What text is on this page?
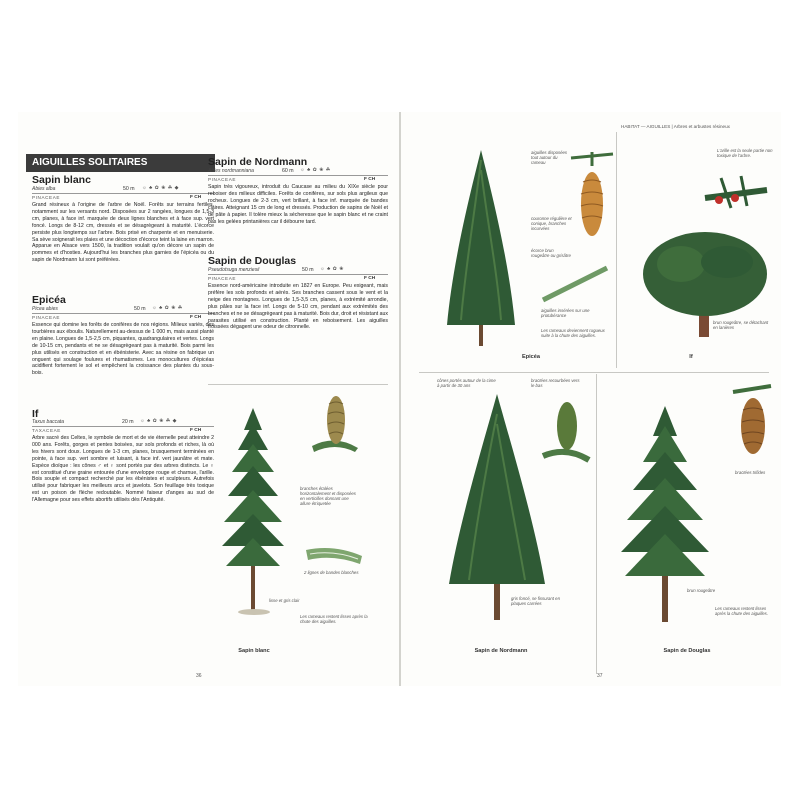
AIGUILLES SOLITAIRES
Sapin blanc
Abies alba	50 m ☼ ♣ ✿ ❀ ☘ ◆
PINACEAE	F CH
Grand résineux à l'origine de l'arbre de Noël. Forêts sur terrains fertiles, notamment sur les versants nord. Disposées sur 2 rangées, longues de 1,5-3 cm, planes, à face inf. marquée de deux lignes blanches et à face sup. vert foncé. Longs de 8-12 cm, dressés et se désagrègeant à maturité. L'écorce persiste plus longtemps sur l'arbre. Bois prisé en charpente et en menuiserie. Sa sève soignerait les plaies et une décoction d'écorce teint la laine en marron. Apparue en Alsace vers 1500, la tradition voulait qu'on décore un sapin de pommes et d'hosties. Aujourd'hui les branches plus garnies de l'épicéa ou du sapin de Nordmann lui sont préférées.
Epicéa
Picea abies	50 m ☼ ♣ ✿ ❀ ☘
PINACEAE	F CH
Essence qui domine les forêts de conifères de nos régions. Milieux variés, des tourbières aux éboulis. Naturellement au-dessus de 1 000 m, mais aussi planté en plaine. Longues de 1,5-2,5 cm, piquantes, quadrangulaires et vertes. Longs de 10-15 cm, pendants et ne se désagrègeant pas à maturité. Bois parmi les plus utilisés en construction et en ébénisterie. Avec sa résine on fabrique un onguent qui soulage foulures et rhumatismes. Les monocultures d'épicéas acidifient fortement le sol et empêchent la croissance des plantes du sous-bois.
If
Taxus baccata	20 m ☼ ♣ ✿ ❀ ☘ ◆
TAXACEAE	F CH
Arbre sacré des Celtes, le symbole de mort et de vie éternelle peut atteindre 2 000 ans. Forêts, gorges et pentes boisées, sur sols profonds et riches, là où les hivers sont doux. Longues de 1-3 cm, planes, brusquement terminées en pointe, à face sup. vert sombre et luisant, à face inf. vert jaunâtre et mate. Espèce dioïque : les cônes ♂ et ♀ sont portés par des arbres distincts. Le ♀ est constitué d'une graine entourée d'une enveloppe rouge et charnue, l'arille. Bois souple et compact recherché par les ébénistes et sculpteurs. Autrefois utilisé pour fabriquer les meilleurs arcs et javelots. Son feuillage très toxique est un poison de flèche redoutable. Nommé faiseur d'anges au sud de l'Allemagne pour ses effets abortifs utilisés dès l'Antiquité.
Sapin de Nordmann
Abies nordmanniana	60 m ☼ ♣ ✿ ❀ ☘
PINACEAE	F CH
Sapin très vigoureux, introduit du Caucase au milieu du XIXe siècle pour reboiser des milieux difficiles. Forêts de conifères, sur sols plus argileux que rocheux. Longues de 2-3 cm, vert brillant, à face inf. marquée de bandes claires. Atteignant 15 cm de long et dressés. Production de sapins de Noël et de pâte à papier. Il tolère mieux la sécheresse que le sapin blanc et ne craint pas les gelées printanières car il débourre tard.
Sapin de Douglas
Pseudotsuga menziesii	50 m ☼ ♣ ✿ ❀
PINACEAE	F CH
Essence nord-américaine introduite en 1827 en Europe. Peu exigeant, mais préfère les sols profonds et aérés. Ses branches cassent sous le vent et la neige des montagnes. Longues de 1,5-3,5 cm, planes, à extrémité arrondie, plus pâles sur la face inf. Longs de 5-10 cm, pendant aux extrémités des branches et ne se désagrègeant pas à maturité. Bois dur, droit et résistant aux parasites utilisé en construction. Planté en reboisement. Les aiguilles froissées dégagent une odeur de citronnelle.
branches étalées horizontalement et disposées en verticilles donnant une allure étriquetée
2 lignes de bandes blanches
lisse et gris clair
Les rameaux restent lisses après la chute des aiguilles.
Sapin blanc
36
HABITAT — AIGUILLES | Arbres et arbustes résineux
aiguilles disposées tout autour du rameau
couronne régulière et conique, branches incurvées
écorce brun rougeâtre ou grisâtre
aiguilles insérées sur une protubérance
Les rameaux deviennent rugueux suite à la chute des aiguilles.
Epicéa
L'arille est la seule partie non toxique de l'arbre.
brun rougeâtre, se détachant en lanières
If
cônes portés autour de la cime à partir de 30 ans
bractées recourbées vers le bas
gris foncé, se fissurant en plaques carrées
Sapin de Nordmann
bractées trifides
brun rougeâtre
Les rameaux restent lisses après la chute des aiguilles.
Sapin de Douglas
37
